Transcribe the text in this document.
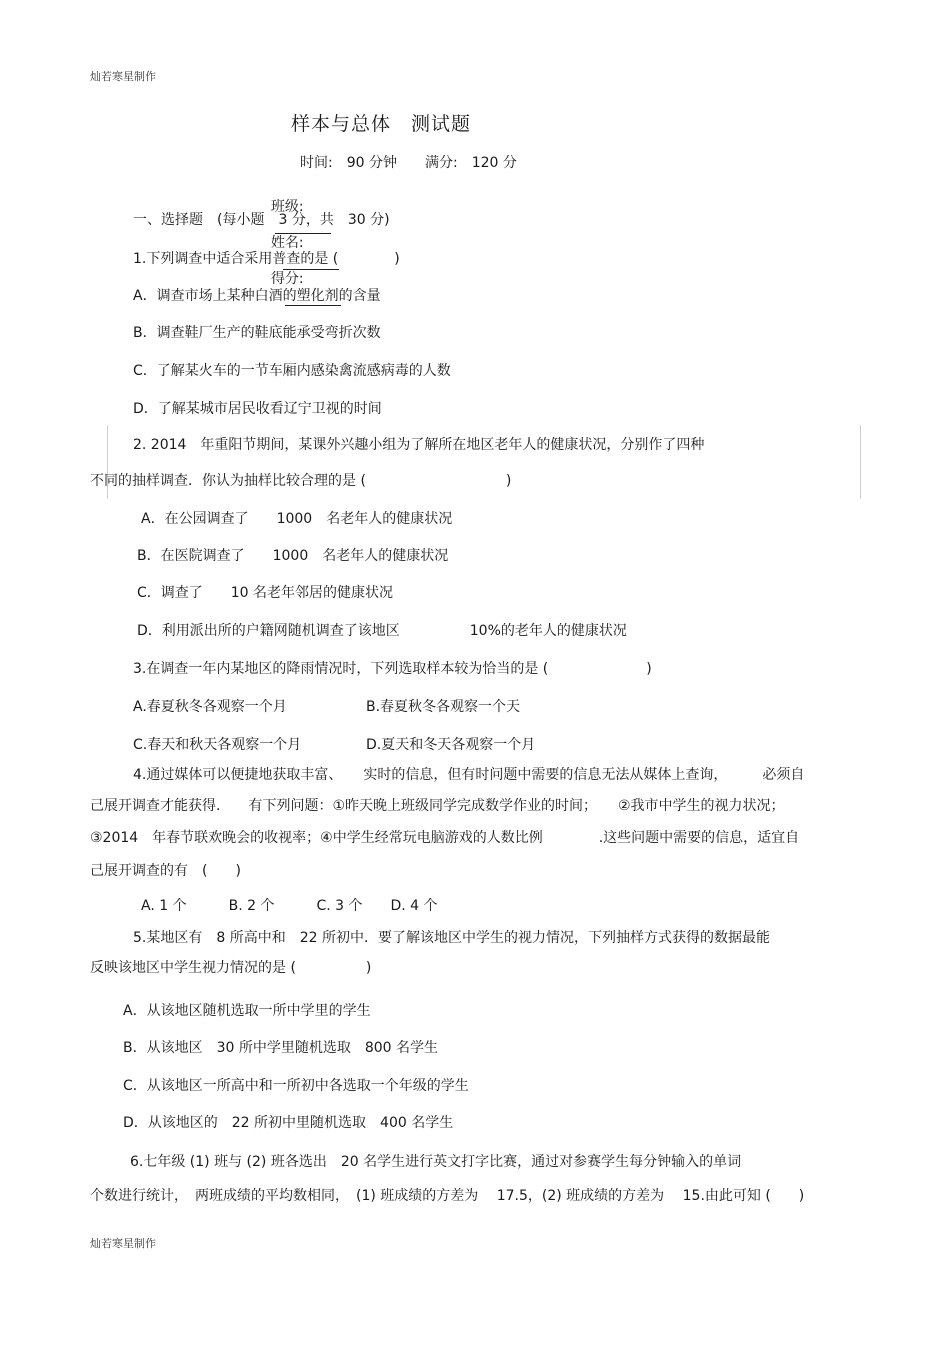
灿若寒星制作
样本与总体　测试题
时间:　90 分钟　　满分:　120 分

班级:

姓名:

得分:

一、选择题　(每小题　3 分，共　30 分)
1.下列调查中适合采用普查的是 (　　　　)
A．调查市场上某种白酒的塑化剂的含量
B．调查鞋厂生产的鞋底能承受弯折次数
C．了解某火车的一节车厢内感染禽流感病毒的人数
D．了解某城市居民收看辽宁卫视的时间
2. 2014　年重阳节期间，某课外兴趣小组为了解所在地区老年人的健康状况，分别作了四种
不同的抽样调查．你认为抽样比较合理的是 (　　　　　　　　　　)
A．在公园调查了　　1000　名老年人的健康状况
B．在医院调查了　　1000　名老年人的健康状况
C．调查了　　10 名老年邻居的健康状况
D．利用派出所的户籍网随机调查了该地区　　　　　10%的老年人的健康状况
3.在调查一年内某地区的降雨情况时，下列选取样本较为恰当的是 (　　　　　　　)
A.春夏秋冬各观察一个月	B.春夏秋冬各观察一个天
C.春天和秋天各观察一个月	D.夏天和冬天各观察一个月
4.通过媒体可以便捷地获取丰富、　　实时的信息，但有时问题中需要的信息无法从媒体上查询，　　　必须自
己展开调查才能获得.　　有下列问题：①昨天晚上班级同学完成数学作业的时间；　　②我市中学生的视力状况；
③2014　年春节联欢晚会的收视率；④中学生经常玩电脑游戏的人数比例　　　　.这些问题中需要的信息，适宜自
己展开调查的有　(　　)
A. 1 个　　　B. 2 个　　　C. 3 个　　D. 4 个
5.某地区有　8 所高中和　22 所初中．要了解该地区中学生的视力情况，下列抽样方式获得的数据最能
反映该地区中学生视力情况的是 (　　　　　)
A．从该地区随机选取一所中学里的学生
B．从该地区　30 所中学里随机选取　800 名学生
C．从该地区一所高中和一所初中各选取一个年级的学生
D．从该地区的　22 所初中里随机选取　400 名学生
6.七年级 (1) 班与 (2) 班各选出　20 名学生进行英文打字比赛，通过对参赛学生每分钟输入的单词
个数进行统计，　两班成绩的平均数相同，　(1) 班成绩的方差为　 17.5，(2) 班成绩的方差为　 15.由此可知 (　　)
灿若寒星制作
